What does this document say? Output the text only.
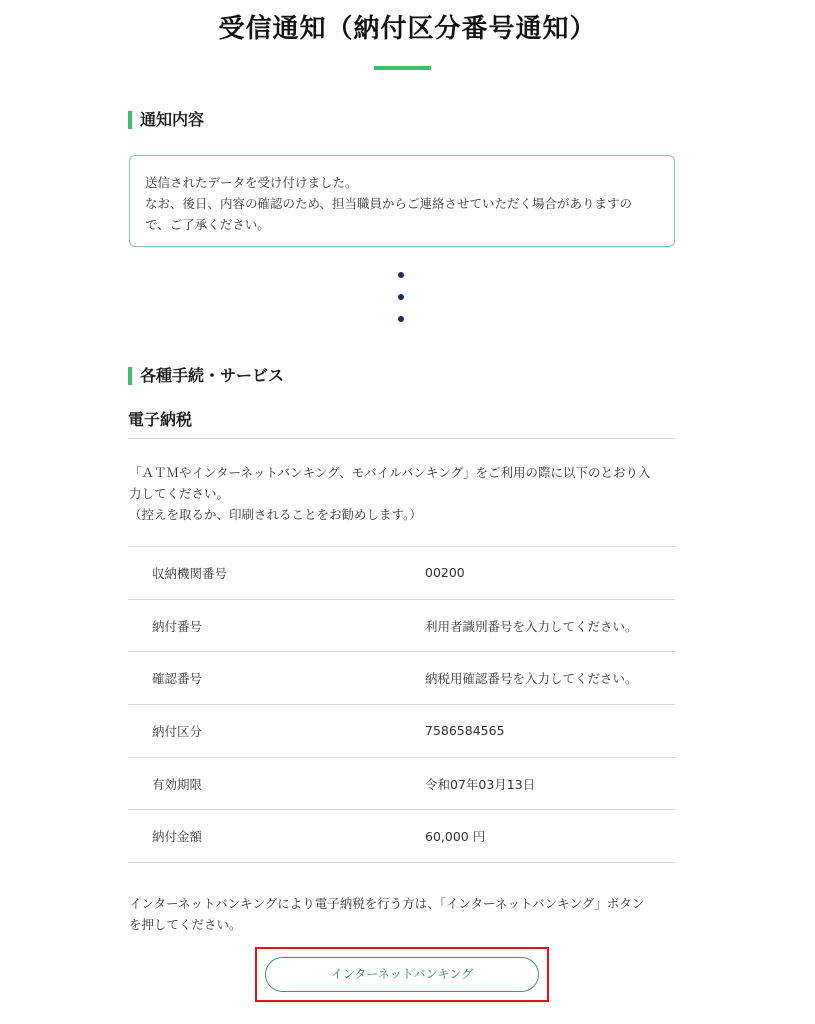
受信通知（納付区分番号通知）
通知内容
送信されたデータを受け付けました。
なお、後日、内容の確認のため、担当職員からご連絡させていただく場合がありますの
で、ご了承ください。
各種手続・サービス
電子納税
「ＡＴＭやインターネットバンキング、モバイルバンキング」をご利用の際に以下のとおり入
力してください。
（控えを取るか、印刷されることをお勧めします。）
収納機関番号	00200
納付番号	利用者識別番号を入力してください。
確認番号	納税用確認番号を入力してください。
納付区分	7586584565
有効期限	令和07年03月13日
納付金額	60,000 円
インターネットバンキングにより電子納税を行う方は、「インターネットバンキング」ボタン
を押してください。
インターネットバンキング
